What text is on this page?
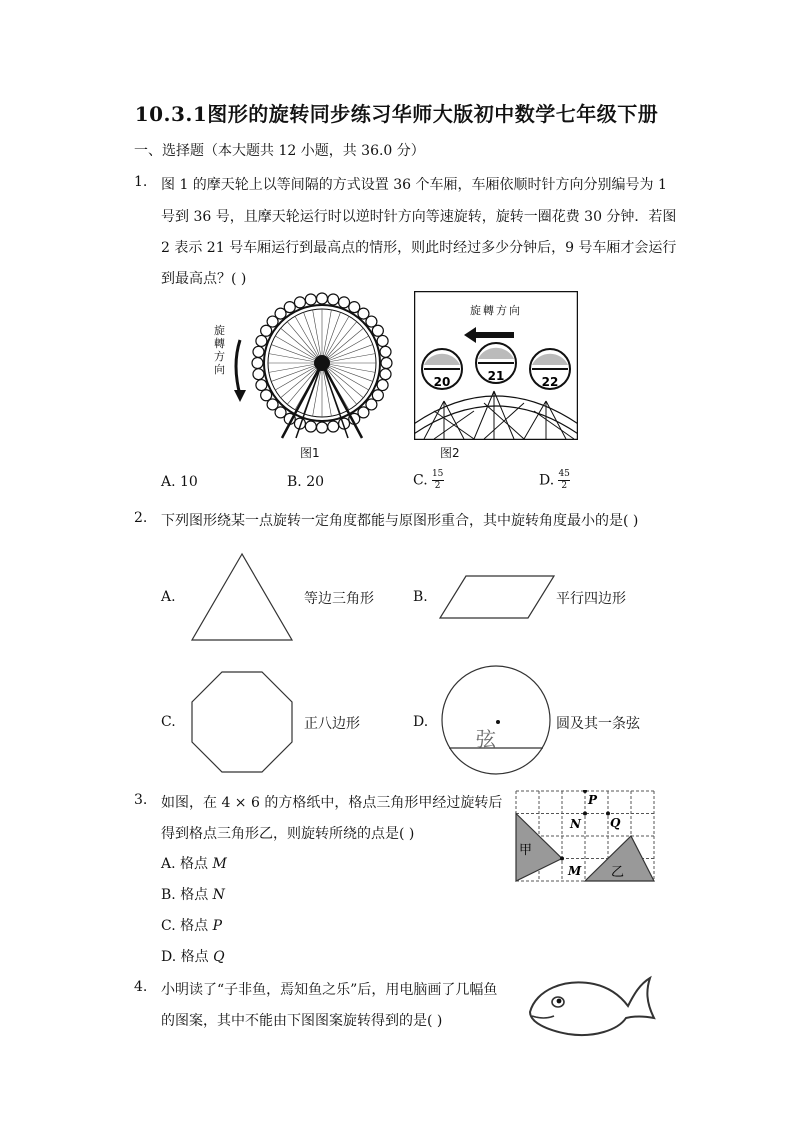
10.3.1图形的旋转同步练习华师大版初中数学七年级下册
一、选择题（本大题共 12 小题，共 36.0 分）
1. 图 1 的摩天轮上以等间隔的方式设置 36 个车厢，车厢依顺时针方向分别编号为 1
号到 36 号，且摩天轮运行时以逆时针方向等速旋转，旋转一圈花费 30 分钟．若图
2 表示 21 号车厢运行到最高点的情形，则此时经过多少分钟后，9 号车厢才会运行
到最高点？( )
旋轉方向
图1
20	21	22
旋轉方向
图2
A. 10	B. 20	C. $\frac{15}{2}$	D. $\frac{45}{2}$
2. 下列图形绕某一点旋转一定角度都能与原图形重合，其中旋转角度最小的是( )
A.	等边三角形	B.	平行四边形
C.	正八边形	D.
弦
圆及其一条弦
3. 如图，在 4 × 6 的方格纸中，格点三角形甲经过旋转后
得到格点三角形乙，则旋转所绕的点是( )
A. 格点 M
B. 格点 N
C. 格点 P
D. 格点 Q
P
N Q
M
甲
乙
4. 小明读了“子非鱼，焉知鱼之乐”后，用电脑画了几幅鱼
的图案，其中不能由下图图案旋转得到的是( )
